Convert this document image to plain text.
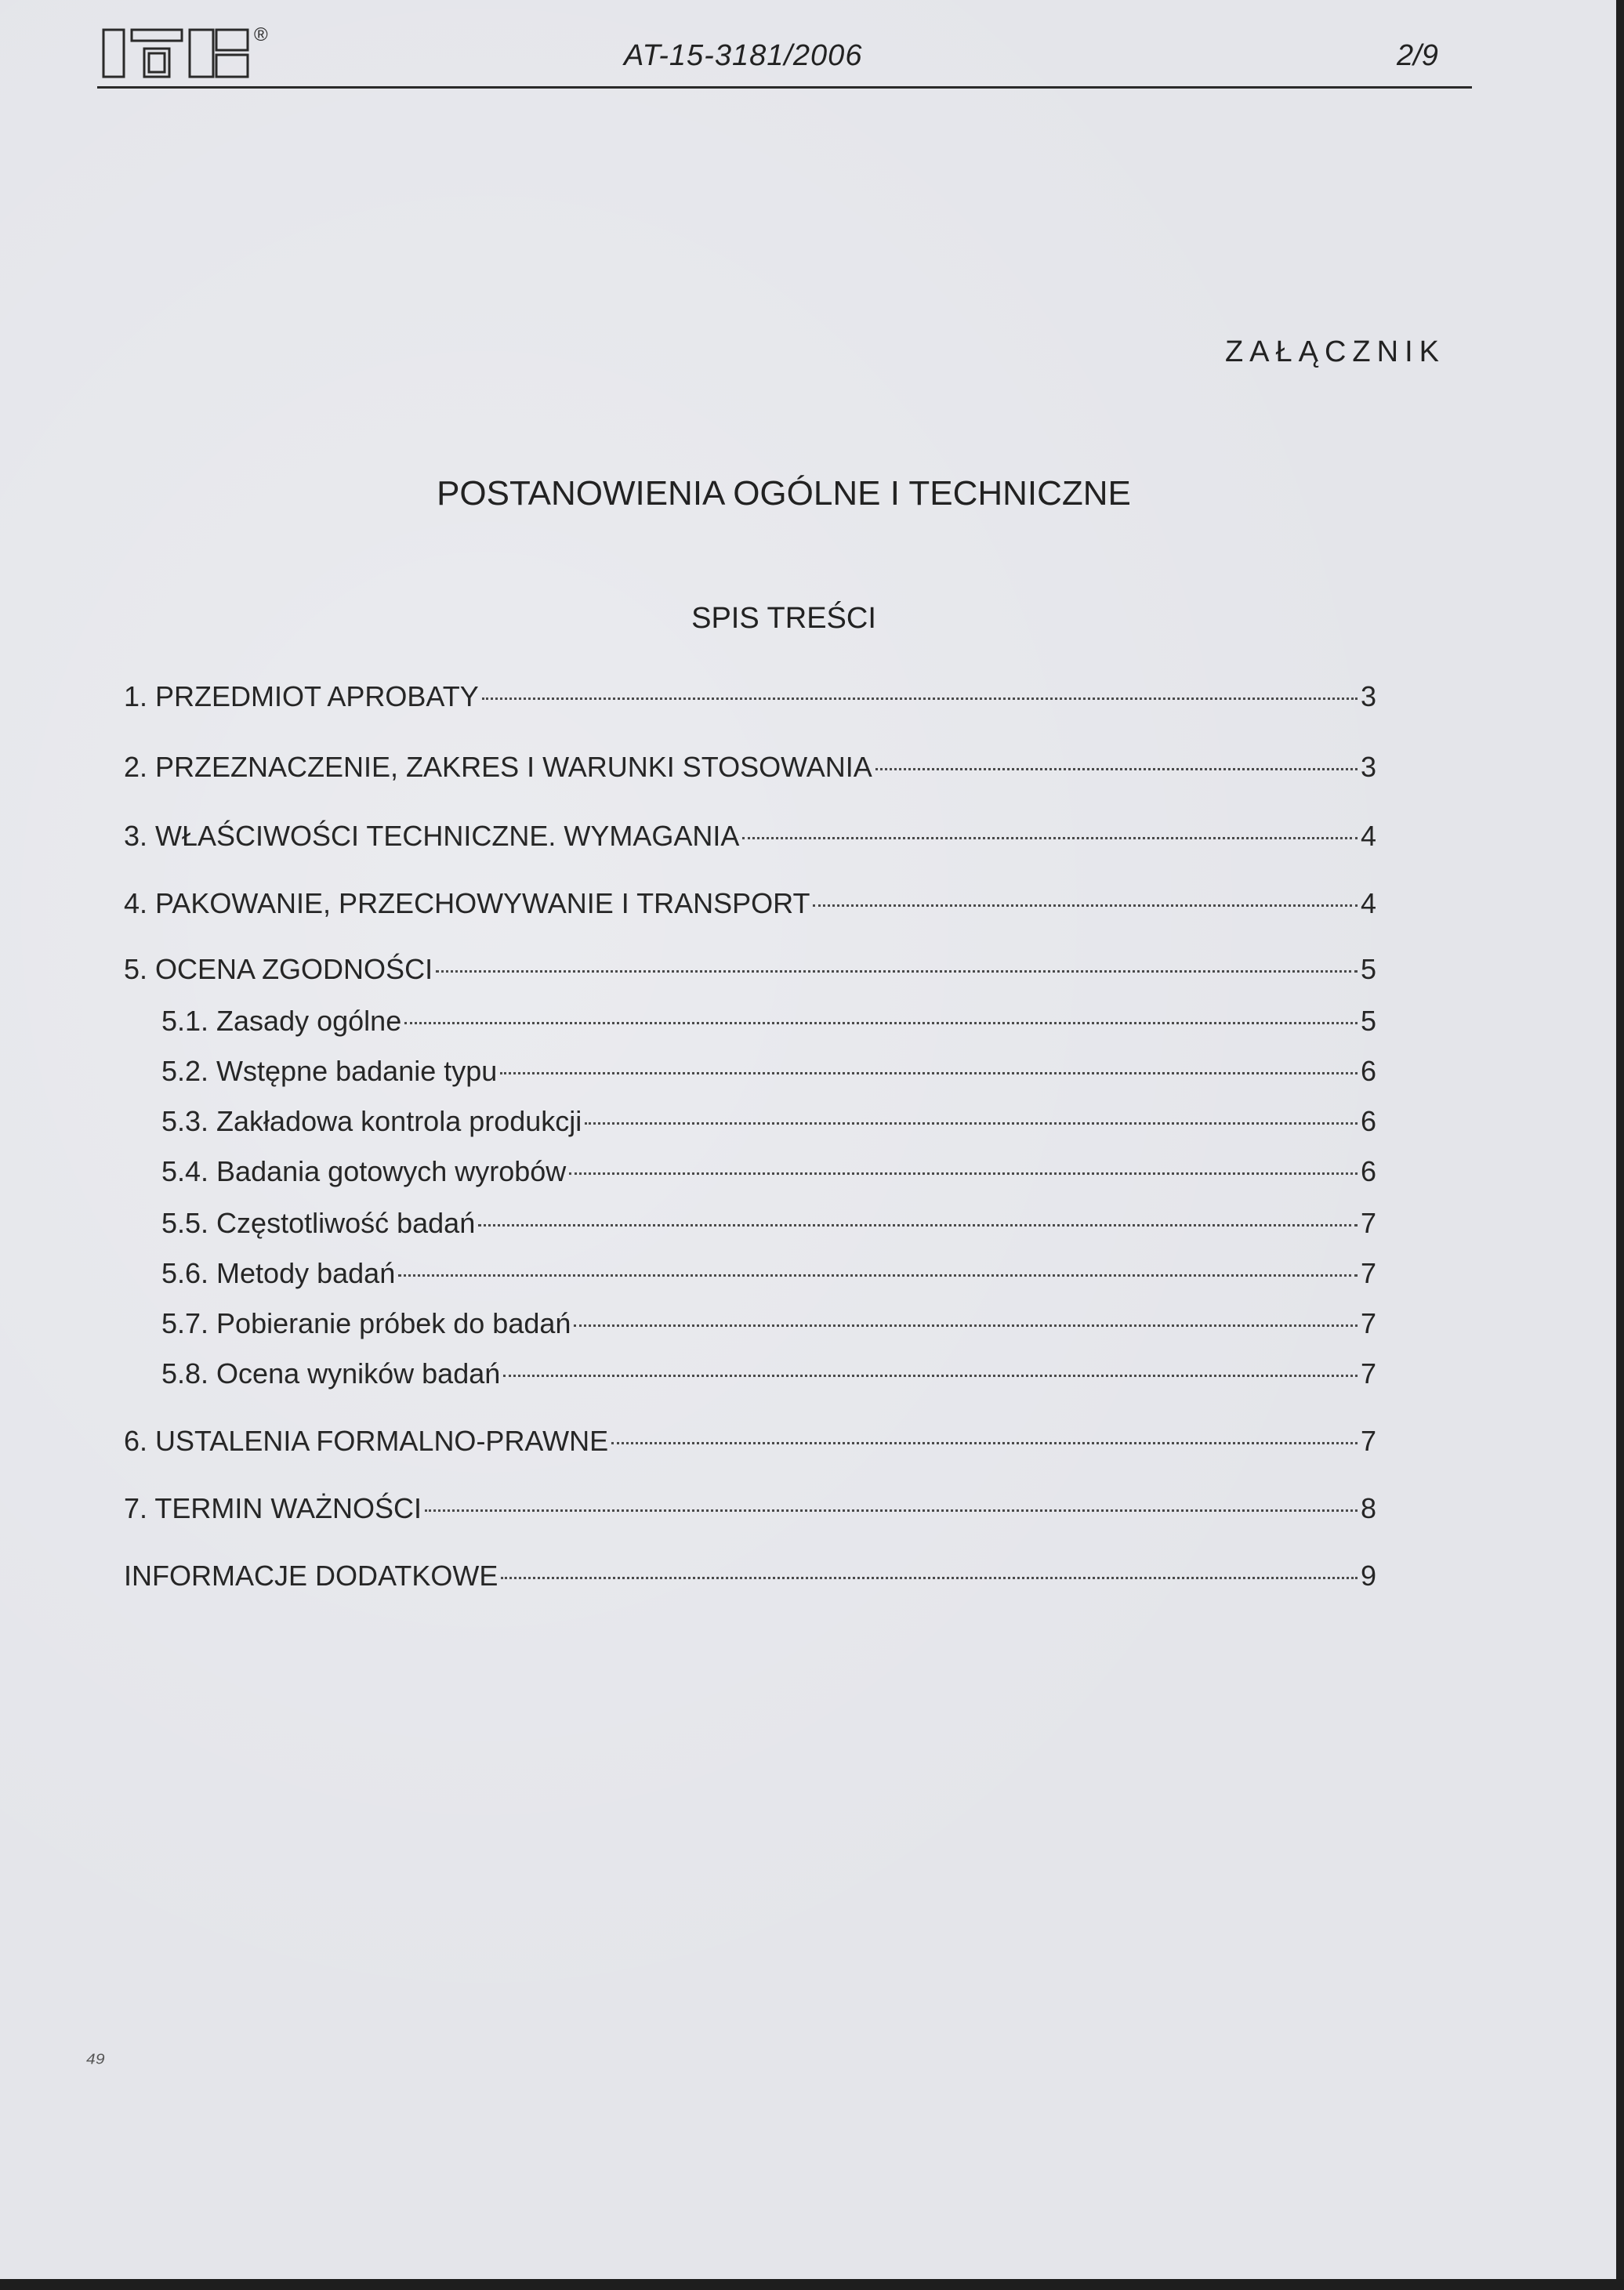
®
AT-15-3181/2006	2/9
ZAŁĄCZNIK
POSTANOWIENIA OGÓLNE I TECHNICZNE
SPIS TREŚCI
1. PRZEDMIOT APROBATY	3
2. PRZEZNACZENIE, ZAKRES I WARUNKI STOSOWANIA	3
3. WŁAŚCIWOŚCI TECHNICZNE. WYMAGANIA	4
4. PAKOWANIE, PRZECHOWYWANIE I TRANSPORT	4
5. OCENA ZGODNOŚCI	5
5.1. Zasady ogólne	5
5.2. Wstępne badanie typu	6
5.3. Zakładowa kontrola produkcji	6
5.4. Badania gotowych wyrobów	6
5.5. Częstotliwość badań	7
5.6. Metody badań	7
5.7. Pobieranie próbek do badań	7
5.8. Ocena wyników badań	7
6. USTALENIA FORMALNO-PRAWNE	7
7. TERMIN WAŻNOŚCI	8
INFORMACJE DODATKOWE	9
₄₉
